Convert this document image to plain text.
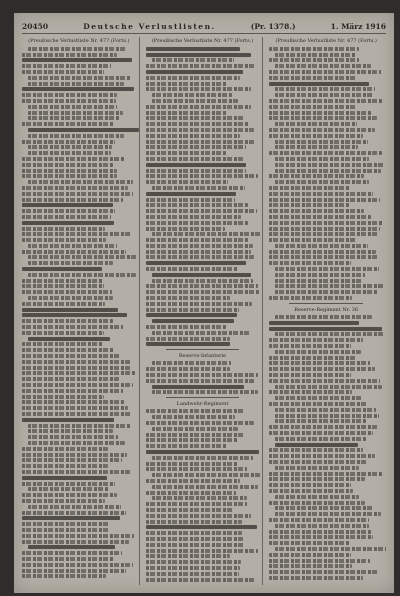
20450	Deutsche Verlustlisten.	(Pr. 1378.)	1. März 1916
(Preußische Verlustliste Nr. 477 (Forts.)	(Preußische Verlustliste Nr. 477 (Forts.)
Reserve-Infanterie
Landwehr-Regiment
(Preußische Verlustliste Nr. 477 (Forts.)
Reserve-Regiment Nr. 36
